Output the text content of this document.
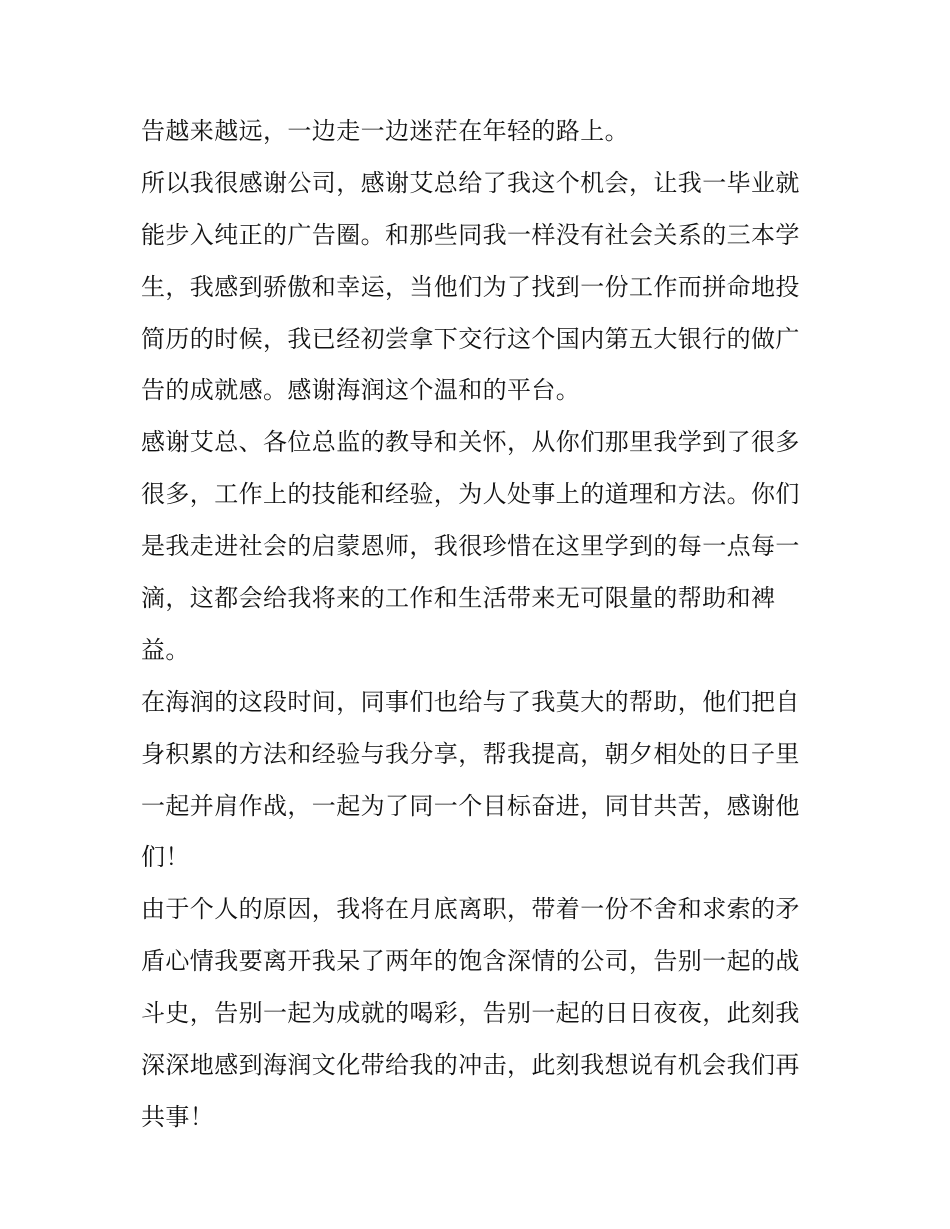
告越来越远，一边走一边迷茫在年轻的路上。
所以我很感谢公司，感谢艾总给了我这个机会，让我一毕业就
能步入纯正的广告圈。和那些同我一样没有社会关系的三本学
生，我感到骄傲和幸运，当他们为了找到一份工作而拼命地投
简历的时候，我已经初尝拿下交行这个国内第五大银行的做广
告的成就感。感谢海润这个温和的平台。
感谢艾总、各位总监的教导和关怀，从你们那里我学到了很多
很多，工作上的技能和经验，为人处事上的道理和方法。你们
是我走进社会的启蒙恩师，我很珍惜在这里学到的每一点每一
滴，这都会给我将来的工作和生活带来无可限量的帮助和裨
益。
在海润的这段时间，同事们也给与了我莫大的帮助，他们把自
身积累的方法和经验与我分享，帮我提高，朝夕相处的日子里
一起并肩作战，一起为了同一个目标奋进，同甘共苦，感谢他
们！
由于个人的原因，我将在月底离职，带着一份不舍和求索的矛
盾心情我要离开我呆了两年的饱含深情的公司，告别一起的战
斗史，告别一起为成就的喝彩，告别一起的日日夜夜，此刻我
深深地感到海润文化带给我的冲击，此刻我想说有机会我们再
共事！
